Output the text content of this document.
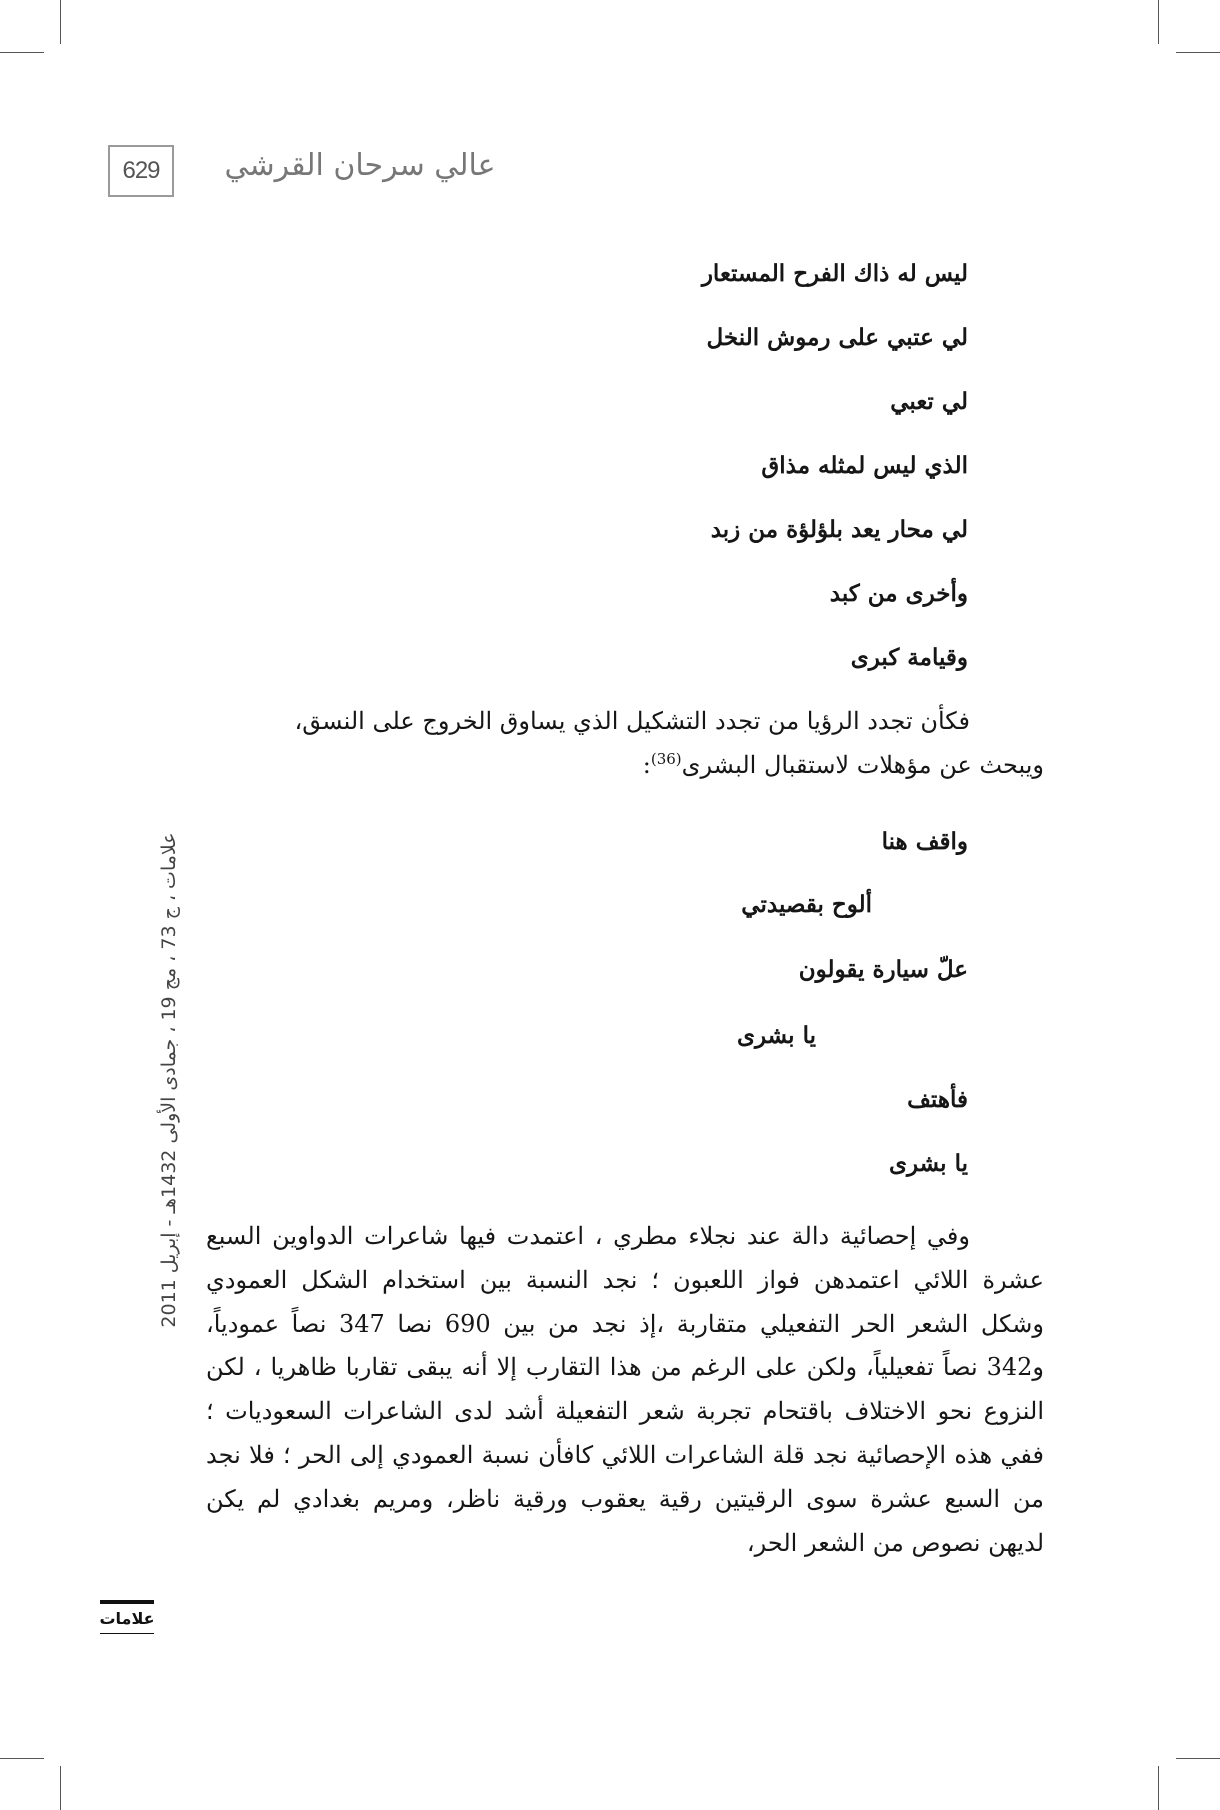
629	عالي سرحان القرشي
علامات ، ج 73 ، مج 19 ، جمادى الأولى 1432هـ - إبريل 2011
علامات
ليس له ذاك الفرح المستعار
لي عتبي على رموش النخل
لي تعبي
الذي ليس لمثله مذاق
لي محار يعد بلؤلؤة من زبد
وأخرى من كبد
وقيامة كبرى
فكأن تجدد الرؤيا من تجدد التشكيل الذي يساوق الخروج على النسق،
ويبحث عن مؤهلات لاستقبال البشرى$^{(36)}$:
واقف هنا
ألوح بقصيدتي
علّ سيارة يقولون
يا بشرى
فأهتف
يا بشرى
وفي إحصائية دالة عند نجلاء مطري ، اعتمدت فيها شاعرات الدواوين السبع عشرة اللائي اعتمدهن فواز اللعبون ؛ نجد النسبة بين استخدام الشكل العمودي وشكل الشعر الحر التفعيلي متقاربة ،إذ نجد من بين 690 نصا 347 نصاً عمودياً، و342 نصاً تفعيلياً، ولكن على الرغم من هذا التقارب إلا أنه يبقى تقاربا ظاهريا ، لكن النزوع نحو الاختلاف باقتحام تجربة شعر التفعيلة أشد لدى الشاعرات السعوديات ؛ ففي هذه الإحصائية نجد قلة الشاعرات اللائي كافأن نسبة العمودي إلى الحر ؛ فلا نجد من السبع عشرة سوى الرقيتين رقية يعقوب ورقية ناظر، ومريم بغدادي لم يكن لديهن نصوص من الشعر الحر،
